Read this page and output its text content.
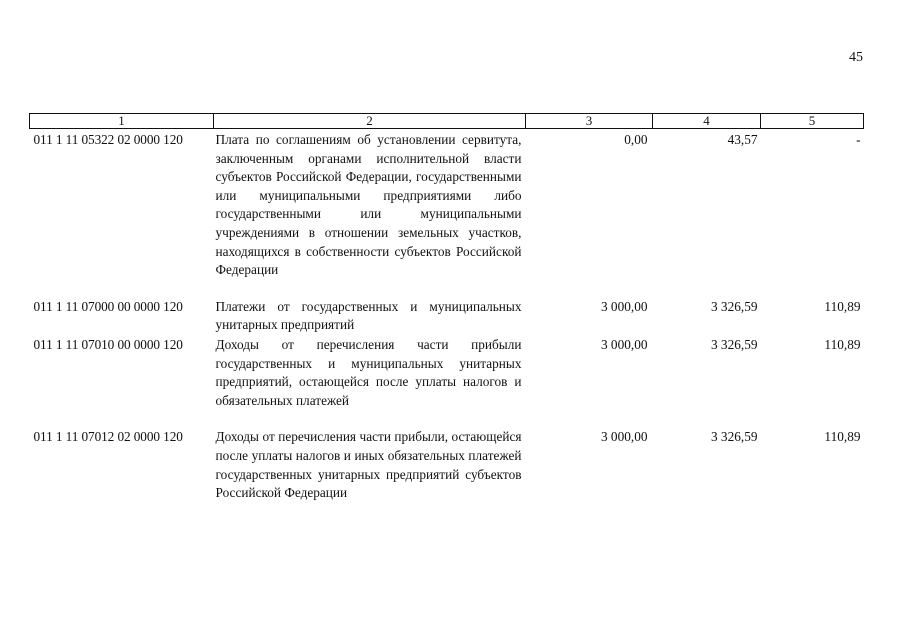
45
1	2	3	4	5
011 1 11 05322 02 0000 120	Плата по соглашениям об установлении сервитута, заключенным органами исполнительной власти субъектов Российской Федерации, государственными или муниципальными предприятиями либо государственными или муниципальными учреждениями в отношении земельных участков, находящихся в собственности субъектов Российской Федерации	0,00	43,57	-
011 1 11 07000 00 0000 120	Платежи от государственных и муниципальных унитарных предприятий	3 000,00	3 326,59	110,89
011 1 11 07010 00 0000 120	Доходы от перечисления части прибыли государственных и муниципальных унитарных предприятий, остающейся после уплаты налогов и обязательных платежей	3 000,00	3 326,59	110,89
011 1 11 07012 02 0000 120	Доходы от перечисления части прибыли, остающейся после уплаты налогов и иных обязательных платежей государственных унитарных предприятий субъектов Российской Федерации	3 000,00	3 326,59	110,89
